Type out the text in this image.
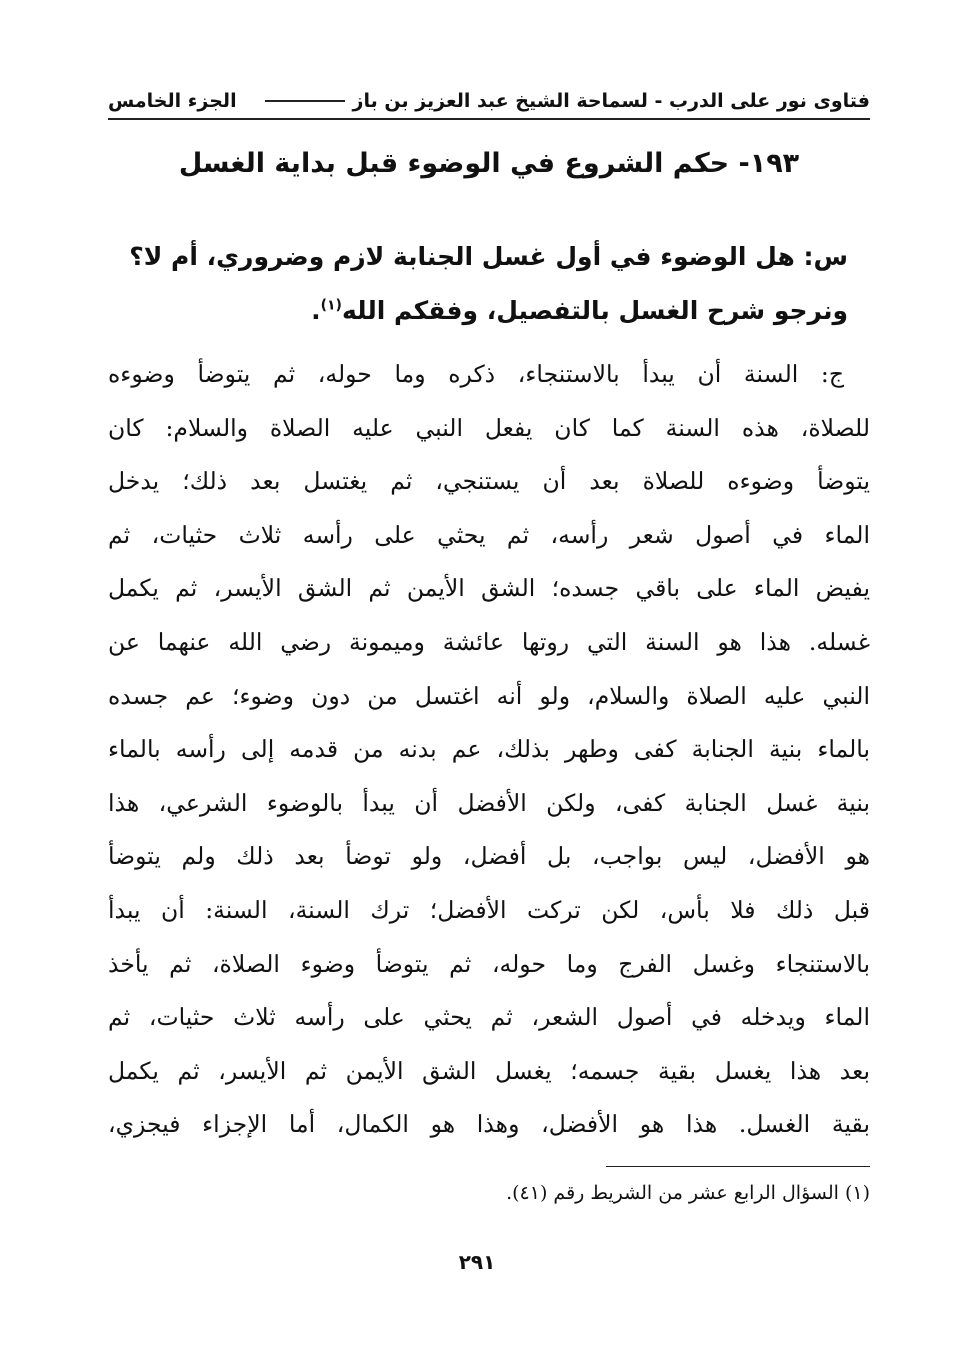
فتاوى نور على الدرب - لسماحة الشيخ عبد العزيز بن باز
الجزء الخامس
١٩٣- حكم الشروع في الوضوء قبل بداية الغسل
س: هل الوضوء في أول غسل الجنابة لازم وضروري، أم لا؟
ونرجو شرح الغسل بالتفصيل، وفقكم الله$^{(١)}$.
ج: السنة أن يبدأ بالاستنجاء، ذكره وما حوله، ثم يتوضأ وضوءه
للصلاة، هذه السنة كما كان يفعل النبي عليه الصلاة والسلام: كان
يتوضأ وضوءه للصلاة بعد أن يستنجي، ثم يغتسل بعد ذلك؛ يدخل
الماء في أصول شعر رأسه، ثم يحثي على رأسه ثلاث حثيات، ثم
يفيض الماء على باقي جسده؛ الشق الأيمن ثم الشق الأيسر، ثم يكمل
غسله. هذا هو السنة التي روتها عائشة وميمونة رضي الله عنهما عن
النبي عليه الصلاة والسلام، ولو أنه اغتسل من دون وضوء؛ عم جسده
بالماء بنية الجنابة كفى وطهر بذلك، عم بدنه من قدمه إلى رأسه بالماء
بنية غسل الجنابة كفى، ولكن الأفضل أن يبدأ بالوضوء الشرعي، هذا
هو الأفضل، ليس بواجب، بل أفضل، ولو توضأ بعد ذلك ولم يتوضأ
قبل ذلك فلا بأس، لكن تركت الأفضل؛ ترك السنة، السنة: أن يبدأ
بالاستنجاء وغسل الفرج وما حوله، ثم يتوضأ وضوء الصلاة، ثم يأخذ
الماء ويدخله في أصول الشعر، ثم يحثي على رأسه ثلاث حثيات، ثم
بعد هذا يغسل بقية جسمه؛ يغسل الشق الأيمن ثم الأيسر، ثم يكمل
بقية الغسل. هذا هو الأفضل، وهذا هو الكمال، أما الإجزاء فيجزي،
(١) السؤال الرابع عشر من الشريط رقم (٤١).
٢٩١
